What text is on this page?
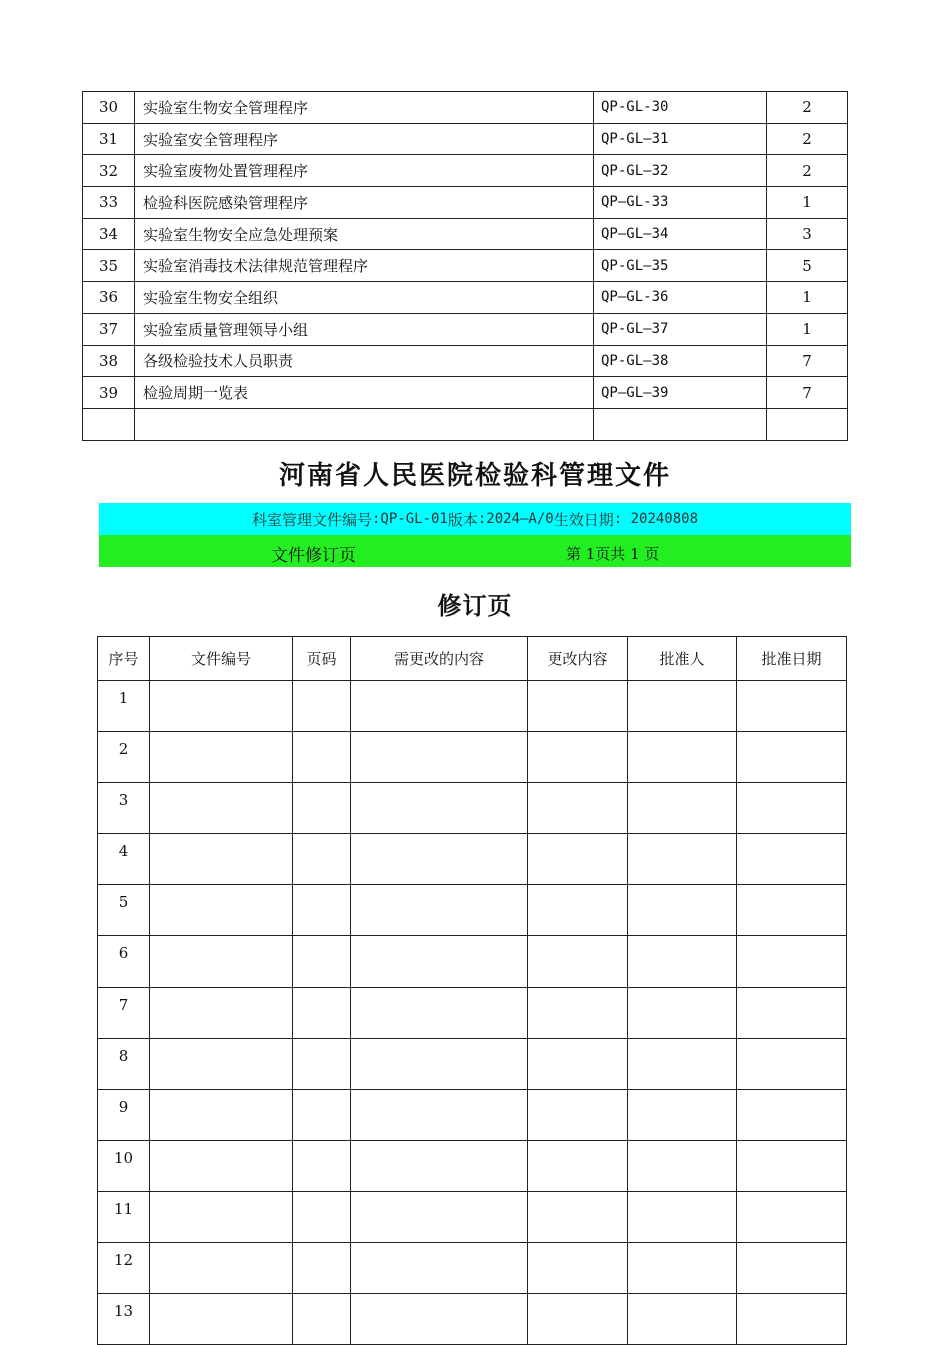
30	实验室生物安全管理程序	QP-GL-30	2
31	实验室安全管理程序	QP-GL—31	2
32	实验室废物处置管理程序	QP-GL—32	2
33	检验科医院感染管理程序	QP—GL-33	1
34	实验室生物安全应急处理预案	QP—GL—34	3
35	实验室消毒技术法律规范管理程序	QP-GL—35	5
36	实验室生物安全组织	QP—GL-36	1
37	实验室质量管理领导小组	QP-GL—37	1
38	各级检验技术人员职责	QP-GL—38	7
39	检验周期一览表	QP—GL—39	7

河南省人民医院检验科管理文件
科室管理文件编号 :QP-GL-01 版本 :2024—A/0 生效日期 : 20240808
文件修订页	第 1页共 1 页
修订页
序号	文件编号	页码	需更改的内容	更改内容	批准人	批准日期
1						
2						
3						
4						
5						
6						
7						
8						
9						
10						
11						
12						
13						
